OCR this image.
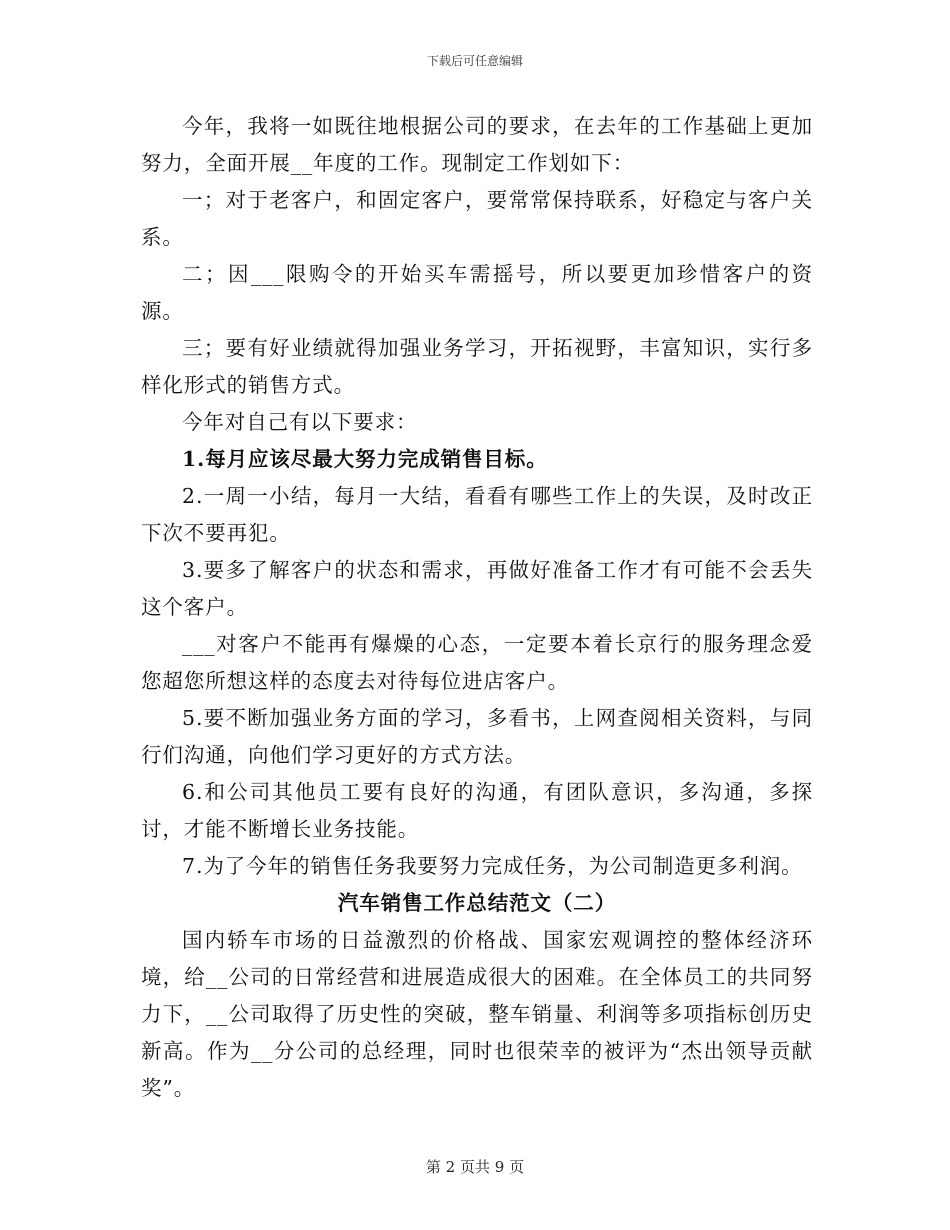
下载后可任意编辑

今年，我将一如既往地根据公司的要求，在去年的工作基础上更加努力，全面开展__年度的工作。现制定工作划如下：

一；对于老客户，和固定客户，要常常保持联系，好稳定与客户关系。

二；因___限购令的开始买车需摇号，所以要更加珍惜客户的资源。

三；要有好业绩就得加强业务学习，开拓视野，丰富知识，实行多样化形式的销售方式。

今年对自己有以下要求：

1.每月应该尽最大努力完成销售目标。

2.一周一小结，每月一大结，看看有哪些工作上的失误，及时改正下次不要再犯。

3.要多了解客户的状态和需求，再做好准备工作才有可能不会丢失这个客户。

___对客户不能再有爆燥的心态，一定要本着长京行的服务理念爱您超您所想这样的态度去对待每位进店客户。

5.要不断加强业务方面的学习，多看书，上网查阅相关资料，与同行们沟通，向他们学习更好的方式方法。

6.和公司其他员工要有良好的沟通，有团队意识，多沟通，多探讨，才能不断增长业务技能。

7.为了今年的销售任务我要努力完成任务，为公司制造更多利润。

汽车销售工作总结范文（二）

国内轿车市场的日益激烈的价格战、国家宏观调控的整体经济环境，给__公司的日常经营和进展造成很大的困难。在全体员工的共同努力下，__公司取得了历史性的突破，整车销量、利润等多项指标创历史新高。作为__分公司的总经理，同时也很荣幸的被评为“杰出领导贡献奖”。

第 2 页共 9 页
